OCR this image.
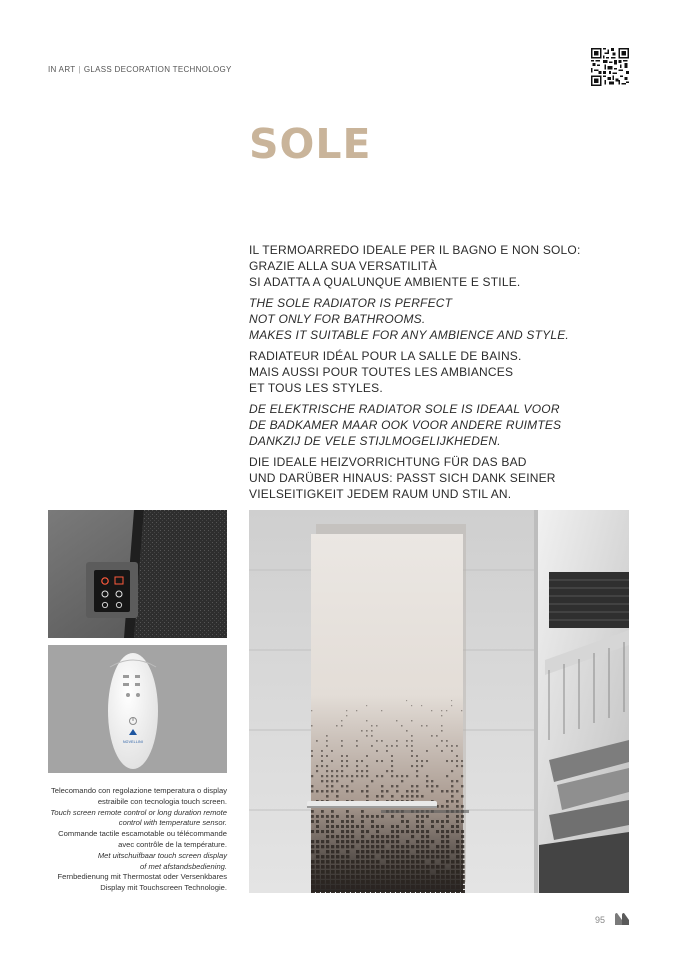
IN ART | GLASS DECORATION TECHNOLOGY
SOLE

IL TERMOARREDO IDEALE PER IL BAGNO E NON SOLO:
GRAZIE ALLA SUA VERSATILITÀ
SI ADATTA A QUALUNQUE AMBIENTE E STILE.

THE SOLE RADIATOR IS PERFECT
NOT ONLY FOR BATHROOMS.
MAKES IT SUITABLE FOR ANY AMBIENCE AND STYLE.

RADIATEUR IDÉAL POUR LA SALLE DE BAINS.
MAIS AUSSI POUR TOUTES LES AMBIANCES
ET TOUS LES STYLES.

DE ELEKTRISCHE RADIATOR SOLE IS IDEAAL VOOR
DE BADKAMER MAAR OOK VOOR ANDERE RUIMTES
DANKZIJ DE VELE STIJLMOGELIJKHEDEN.

DIE IDEALE HEIZVORRICHTUNG FÜR DAS BAD
UND DARÜBER HINAUS: PASST SICH DANK SEINER
VIELSEITIGKEIT JEDEM RAUM UND STIL AN.

NOVELLINI

Telecomando con regolazione temperatura o display
estraibile con tecnologia touch screen.

Touch screen remote control or long duration remote
control with temperature sensor.

Commande tactile escamotable ou télécommande
avec contrôle de la température.

Met uitschuifbaar touch screen display
of met afstandsbediening.

Fernbedienung mit Thermostat oder Versenkbares
Display mit Touchscreen Technologie.

95
